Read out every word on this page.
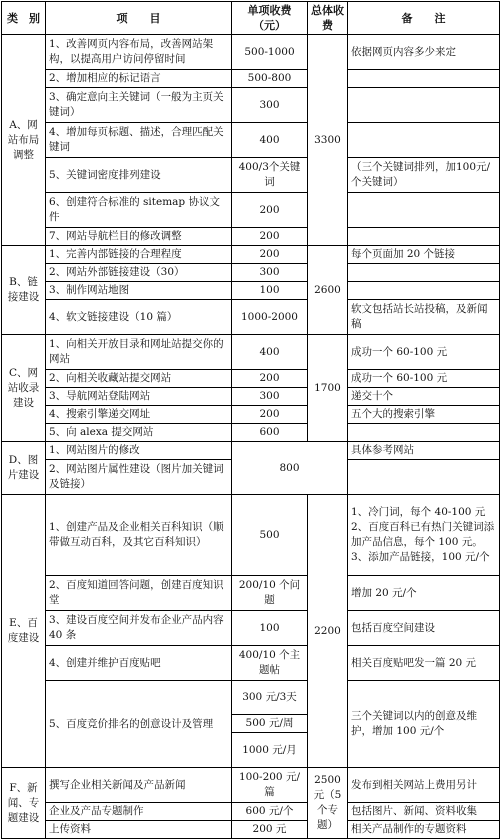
类　别	项　　目	单项收费（元）	总体收费	备　　注
A、网站布局调整	1、改善网页内容布局，改善网站架构，以提高用户访问停留时间	500-1000	3300	依据网页内容多少来定
	2、增加相应的标记语言	500-800		
	3、确定意向主关键词（一般为主页关键词）	300		
	4、增加每页标题、描述，合理匹配关键词	400		
	5、关键词密度排列建设	400/3个关键词		（三个关键词排列，加100元/个关键词）
	6、创建符合标准的 sitemap 协议文件	200		
	7、网站导航栏目的修改调整	200		
B、链接建设	1、完善内部链接的合理程度	200	2600	每个页面加 20 个链接
	2、网站外部链接建设（30）	300		
	3、制作网站地图	100		
	4、软文链接建设（10 篇）	1000-2000		软文包括站长站投稿，及新闻稿
C、网站收录建设	1、向相关开放目录和网址站提交你的网站	400	1700	成功一个 60-100 元
	2、向相关收藏站提交网站	200		成功一个 60-100 元
	3、导航网站登陆网站	300		递交十个
	4、搜索引擎递交网址	200		五个大的搜索引擎
	5、向 alexa 提交网站	600		
D、图片建设	1、网站图片的修改	800		具体参考网站
	2、网站图片属性建设（图片加关键词及链接）			
E、百度建设	1、创建产品及企业相关百科知识（顺带做互动百科，及其它百科知识）	500	2200	1、冷门词，每个 40-100 元 2、百度百科已有热门关键词添加产品信息，每个 100 元。3、添加产品链接，100 元/个
	2、百度知道回答问题，创建百度知识堂	200/10 个问题		增加 20 元/个
	3、建设百度空间并发布企业产品内容 40 条	100		包括百度空间建设
	4、创建并维护百度贴吧	400/10 个主题帖		相关百度贴吧发一篇 20 元
	5、百度竞价排名的创意设计及管理	300 元/3天		三个关键词以内的创意及维护，增加 100 元/个
		500 元/周		
		1000 元/月		
F、新闻、专题建设	撰写企业相关新闻及产品新闻	100-200 元/篇	2500 元（5 个专题）	发布到相关网站上费用另计
	企业及产品专题制作	600 元/个		包括图片、新闻、资料收集
	上传资料	200 元		相关产品制作的专题资料
